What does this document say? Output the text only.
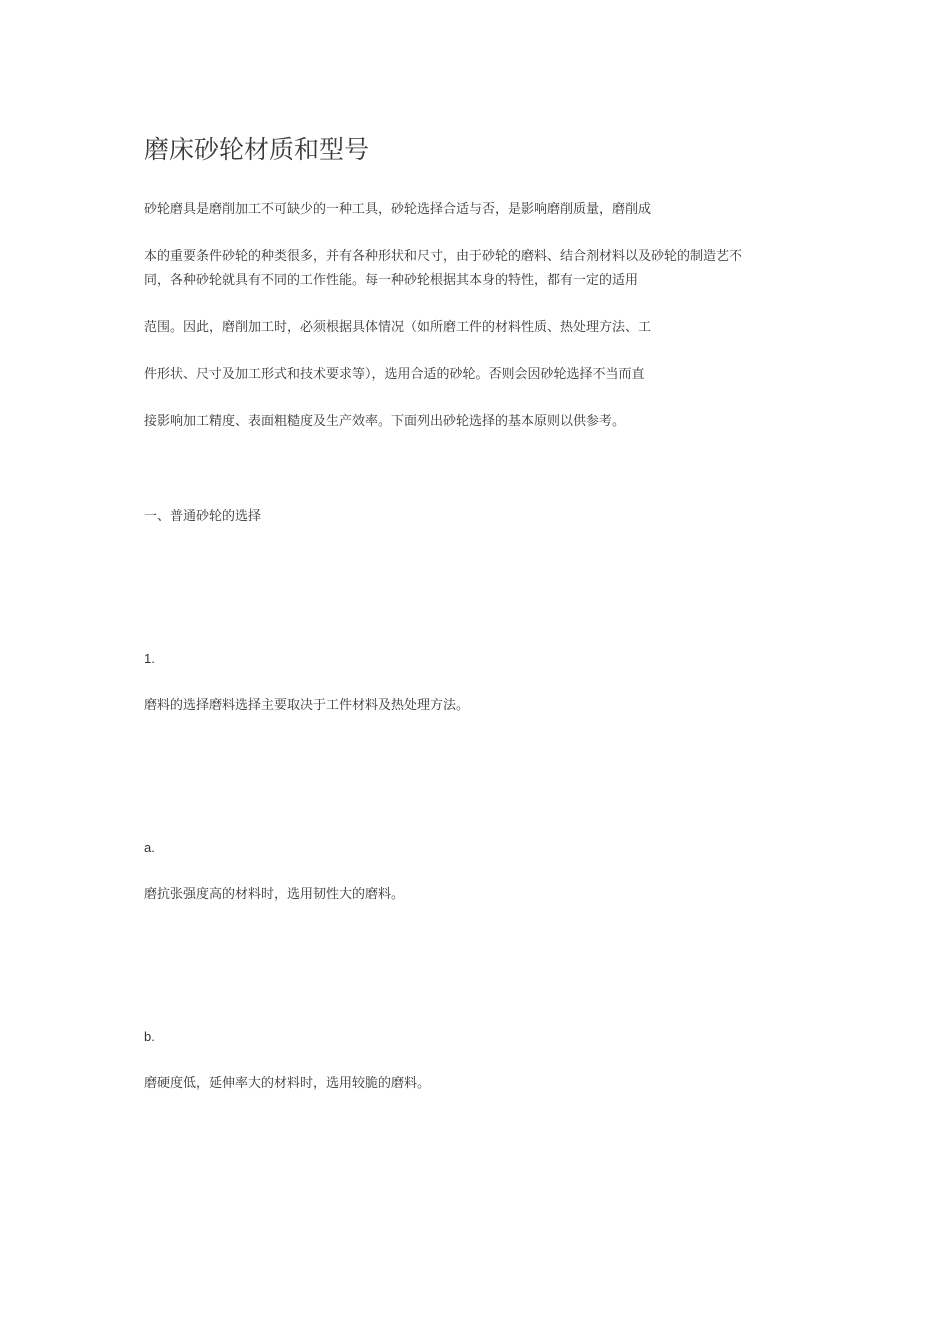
磨床砂轮材质和型号

砂轮磨具是磨削加工不可缺少的一种工具，砂轮选择合适与否，是影响磨削质量，磨削成

本的重要条件砂轮的种类很多，并有各种形状和尺寸，由于砂轮的磨料、结合剂材料以及砂轮的制造艺不

同，各种砂轮就具有不同的工作性能。每一种砂轮根据其本身的特性，都有一定的适用

范围。因此，磨削加工时，必须根据具体情况（如所磨工件的材料性质、热处理方法、工

件形状、尺寸及加工形式和技术要求等），选用合适的砂轮。否则会因砂轮选择不当而直

接影响加工精度、表面粗糙度及生产效率。下面列出砂轮选择的基本原则以供参考。

一、普通砂轮的选择

1.

磨料的选择磨料选择主要取决于工件材料及热处理方法。

a.

磨抗张强度高的材料时，选用韧性大的磨料。

b.

磨硬度低，延伸率大的材料时，选用较脆的磨料。
